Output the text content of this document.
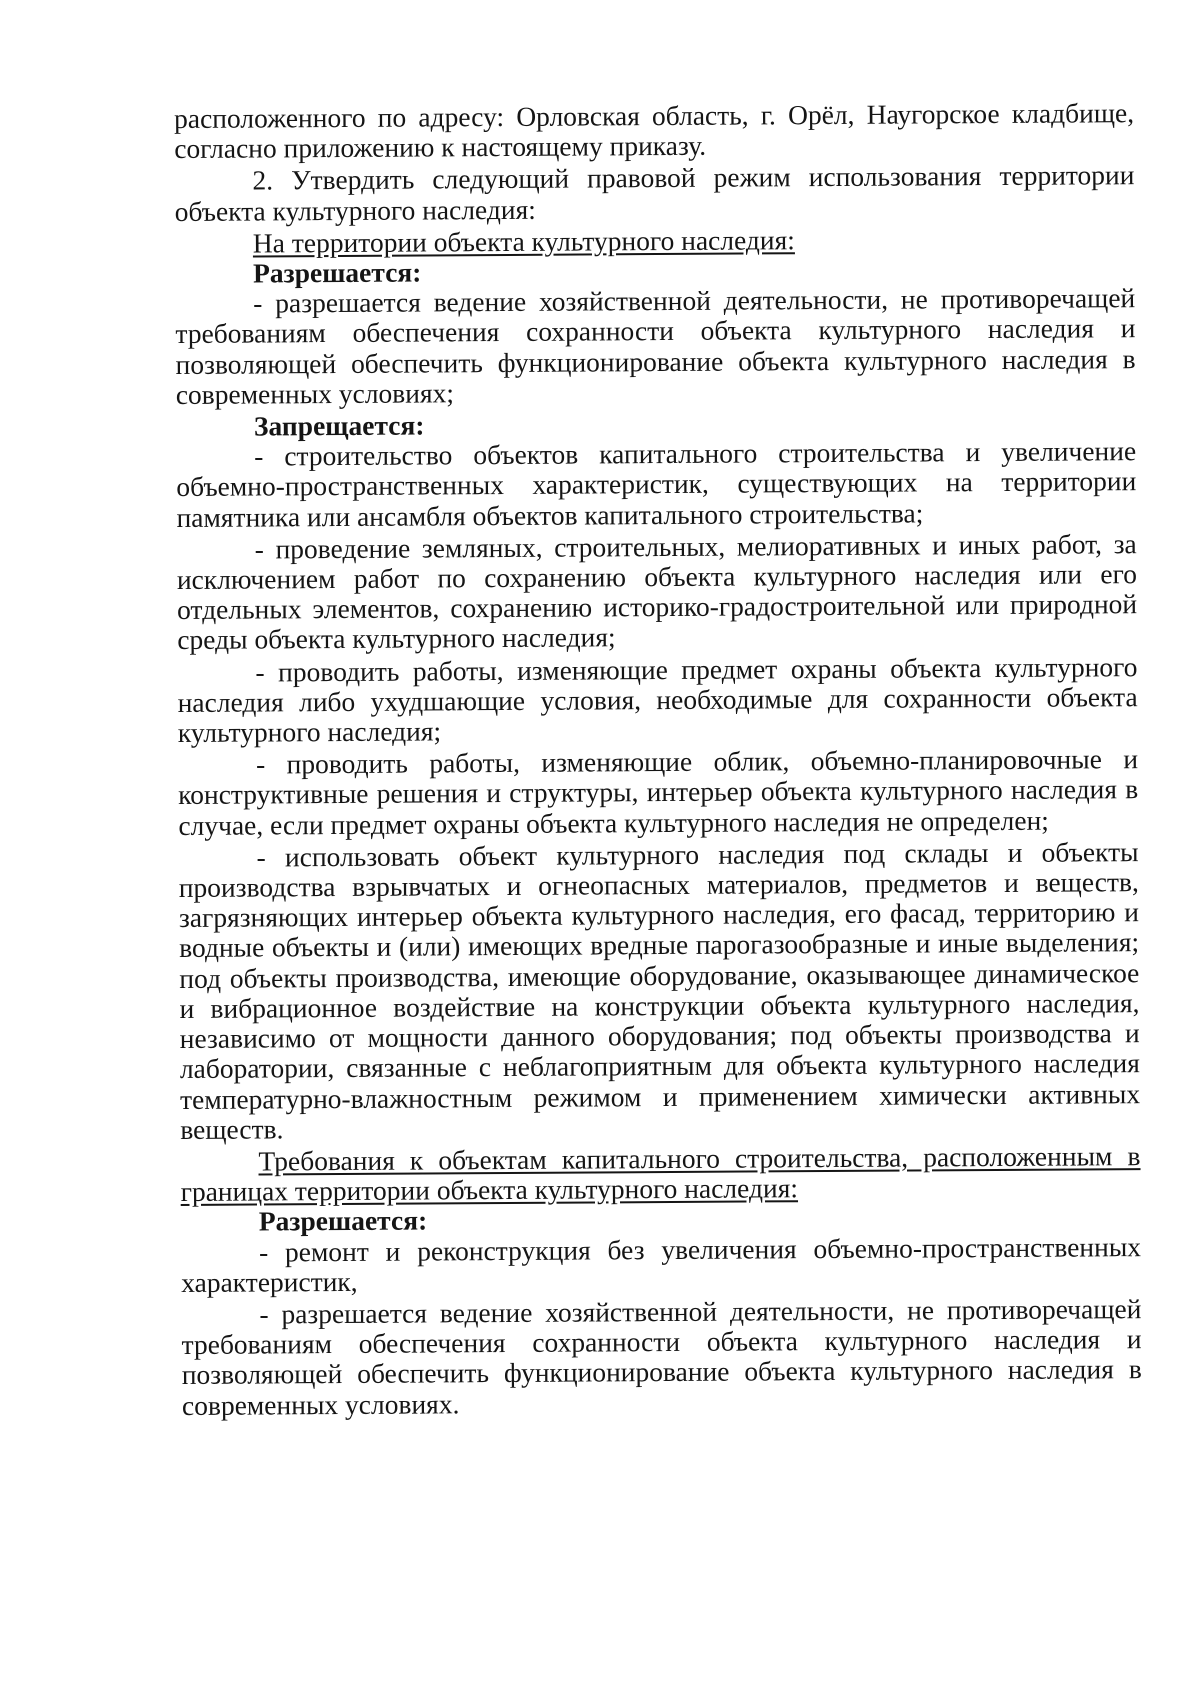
расположенного по адресу: Орловская область, г. Орёл, Наугорское кладбище, согласно приложению к настоящему приказу.

2. Утвердить следующий правовой режим использования территории объекта культурного наследия:

На территории объекта культурного наследия:

Разрешается:

- разрешается ведение хозяйственной деятельности, не противоречащей требованиям обеспечения сохранности объекта культурного наследия и позволяющей обеспечить функционирование объекта культурного наследия в современных условиях;

Запрещается:

- строительство объектов капитального строительства и увеличение объемно-пространственных характеристик, существующих на территории памятника или ансамбля объектов капитального строительства;

- проведение земляных, строительных, мелиоративных и иных работ, за исключением работ по сохранению объекта культурного наследия или его отдельных элементов, сохранению историко-градостроительной или природной среды объекта культурного наследия;

- проводить работы, изменяющие предмет охраны объекта культурного наследия либо ухудшающие условия, необходимые для сохранности объекта культурного наследия;

- проводить работы, изменяющие облик, объемно-планировочные и конструктивные решения и структуры, интерьер объекта культурного наследия в случае, если предмет охраны объекта культурного наследия не определен;

- использовать объект культурного наследия под склады и объекты производства взрывчатых и огнеопасных материалов, предметов и веществ, загрязняющих интерьер объекта культурного наследия, его фасад, территорию и водные объекты и (или) имеющих вредные парогазообразные и иные выделения; под объекты производства, имеющие оборудование, оказывающее динамическое и вибрационное воздействие на конструкции объекта культурного наследия, независимо от мощности данного оборудования; под объекты производства и лаборатории, связанные с неблагоприятным для объекта культурного наследия температурно-влажностным режимом и применением химически активных веществ.

Требования к объектам капитального строительства, расположенным в границах территории объекта культурного наследия:

Разрешается:

- ремонт и реконструкция без увеличения объемно-пространственных характеристик,

- разрешается ведение хозяйственной деятельности, не противоречащей требованиям обеспечения сохранности объекта культурного наследия и позволяющей обеспечить функционирование объекта культурного наследия в современных условиях.
